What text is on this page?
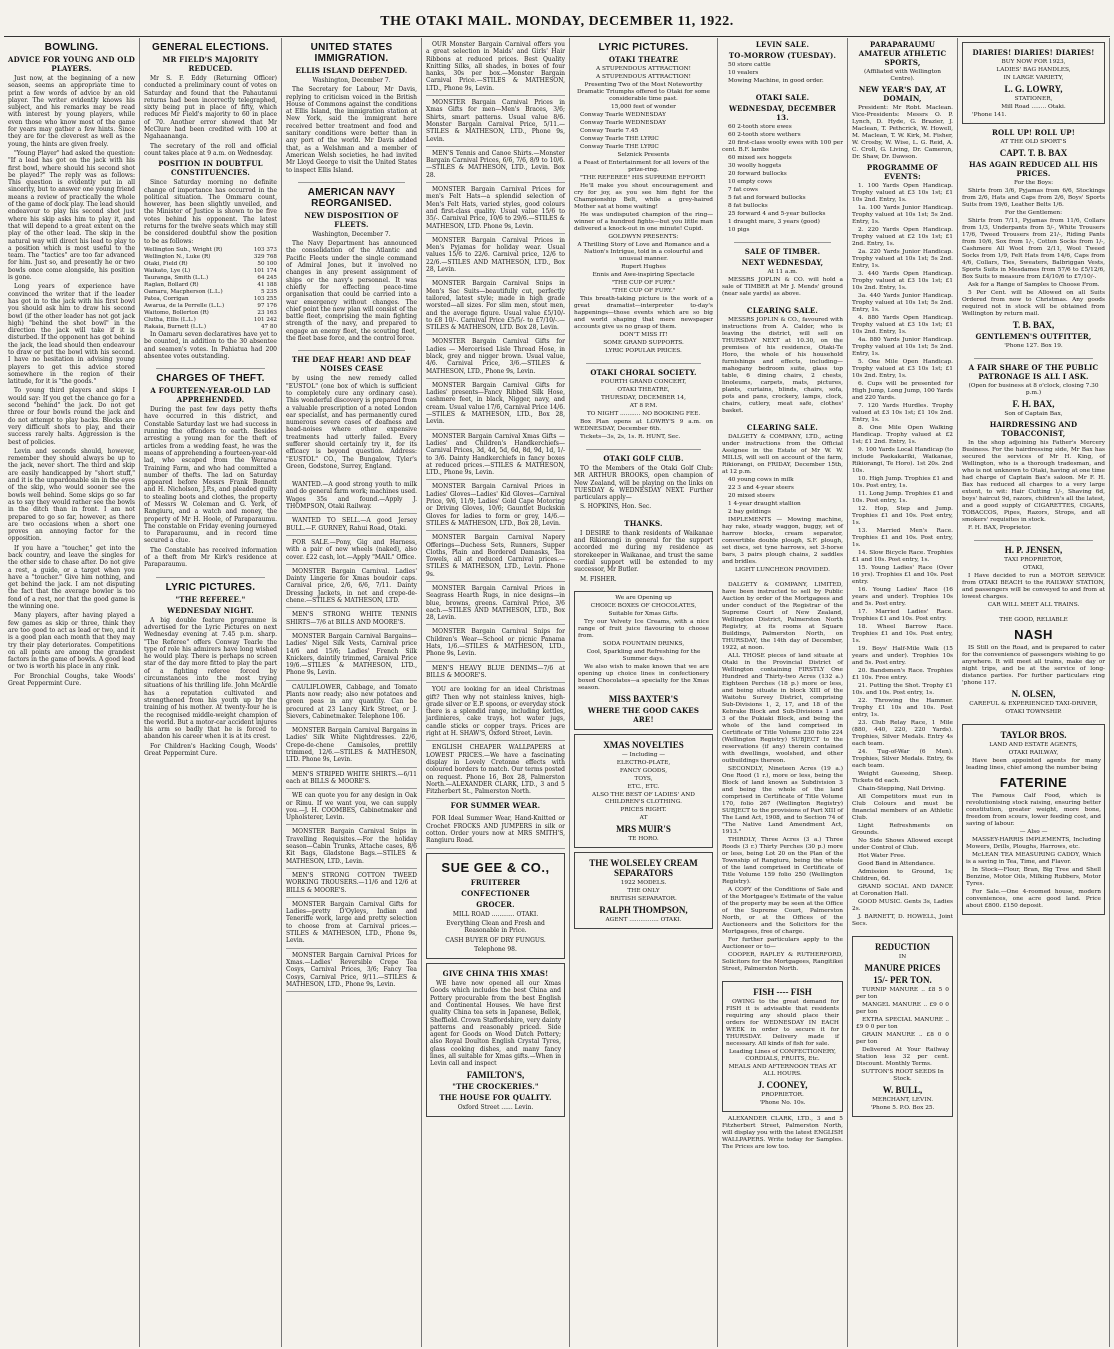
THE OTAKI MAIL. MONDAY, DECEMBER 11, 1922.
BOWLING.
ADVICE FOR YOUNG AND OLD PLAYERS.

Just now, at the beginning of a new season, seems an appropriate time to print a few words of advice by an old player. The writer evidently knows his subject, and his remarks may be read with interest by young players, while even those who know most of the game for years may gather a few hints. Since they are for the cleverest as well as the young, the hints are given freely.

"Young Player" had asked the question: "If a lead has got on the jack with his first bowl, where should his second shot be played?" The reply was as follows: This question is evidently put in all sincerity, but to answer one young friend means a review of practically the whole of the game of dock play. The lead should endeavour to play his second shot just where his skip asks him to play it, and that will depend to a great extent on the play of the other lead. The skip in the natural way will direct his lead to play to a position which is most useful to the team. The "tactics" are too far advanced for him. Just so, and presently he or two bowls once come alongside, his position is gone.

Long years of experience have convinced the writer that if the leader has got in to the jack with his first bowl you should ask him to draw his second bowl (if the other leader has not got jack high) "behind the shot bowl" in the direction the jack will take if it is disturbed. If the opponent has got behind the jack, the lead should then endeavour to draw or put the bowl with his second. I have no hesitation in advising young players to get this advice stored somewhere in the region of their latitude, for it is "the goods."

To young third players and skips I would say: If you get the chance go for a second "behind" the jack. Do not get three or four bowls round the jack and do not attempt to play backs. Blocks are very difficult shots to play, and their success rarely halts. Aggression is the best of policies.

Levin and seconds should, however, remember they should always be up to the jack, never short. The third and skip are easily handicapped by "short stuff," and it is the unpardonable sin in the eyes of the skip, who would sooner see the bowls well behind. Some skips go so far as to say they would rather see the bowls in the ditch than in front. I am not prepared to go so far, however, as there are two occasions when a short one proves an annoying factor for the opposition.

If you have a "toucher," get into the back country, and leave the singles for the other side to chase after. Do not give a rest, a guide, or a target when you have a "toucher." Give him nothing, and get behind the jack. I am not disputing the fact that the average bowler is too fond of a rest, nor that the good game is the winning one.

Many players, after having played a few games as skip or three, think they are too good to act as lead or two, and it is a good plan each month that they may try their play deteriorates. Competitions on all points are among the grandest factors in the game of bowls. A good lead or two is worth his place in any rink.

For Bronchial Coughs, take Woods' Great Peppermint Cure.

GENERAL ELECTIONS.
MR FIELD'S MAJORITY REDUCED.

Mr S. F. Eddy (Returning Officer) conducted a preliminary count of votes on Saturday and found that the Pahautanui returns had been incorrectly telegraphed, sixty being put in place of fifty, which reduces Mr Field's majority to 60 in place of 70. Another error showed that Mr McClure had been credited with 100 at Ngahaananga.

The secretary of the roll and official count takes place at 9 a.m. on Wednesday.

POSITION IN DOUBTFUL CONSTITUENCIES.

Since Saturday morning no definite change of importance has occurred in the political situation. The Ommaru count, however, has been slightly unveiled, and the Minister of Justice is shown to be five votes behind his opponent. The latest returns for the twelve seats which may still be considered doubtful show the position to be as follows:

Wellington Sub., Wright (R)	103 373
Wellington N., Luke (R)	329 768
Otaki, Field (R)	50 100
Waikato, Lye (L)	101 174
Tauranga, Smith (L.L.)	64 245
Raglan, Bollard (R)	41 188
Oamaru, Macpherson (L.L.)	5 235
Patea, Corrigan	103 255
Awarua, de la Perrelle (L.L.)	97 176
Waitomo, Bollerton (R)	23 163
Clutha, Ellis (L.L.)	101 242
Rakaia, Burnett (L.L.)	47 80

In Oamaru seven declaratives have yet to be counted, in addition to the 30 absentee and seamen's votes. In Pahiatua had 200 absentee votes outstanding.

CHARGES OF THEFT.
A FOURTEEN-YEAR-OLD LAD APPREHENDED.

During the past few days petty thefts have occurred in this district, and Constable Saturday last we had success in running the offenders to earth. Besides arresting a young man for the theft of articles from a wedding feast, he was the means of apprehending a fourteen-year-old lad, who escaped from the Weraroa Training Farm, and who had committed a number of thefts. The lad on Saturday appeared before Messrs Frank Bennett and H. Nicholson, J.P.s, and pleaded guilty to stealing boots and clothes, the property of Messrs W. Coleman and G. Yerk, of Rangiuru, and a watch and money, the property of Mr H. Hoole, of Paraparaumu. The constable on Friday evening journeyed to Paraparaumu, and in record time secured a clue.

The Constable has received information of a theft from Mr Kirk's residence at Paraparaumu.

LYRIC PICTURES.
"THE REFEREE."
WEDNESDAY NIGHT.

A big double feature programme is advertised for the Lyric Pictures on next Wednesday evening at 7.45 p.m. sharp. "The Referee" offers Conway Tearle the type of role his admirers have long wished he would play. There is perhaps no screen star of the day more fitted to play the part of a fighting referee forced by circumstances into the most trying situations of his thrilling life. John McArdle has a reputation cultivated and strengthened from his youth up by the training of his mother. At twenty-four he is the recognised middle-weight champion of the world. But a motor-car accident injures his arm so badly that he is forced to abandon his career when it is at its crest.

For Children's Hacking Cough, Woods' Great Peppermint Cure.

UNITED STATES IMMIGRATION.
ELLIS ISLAND DEFENDED.

Washington, December 7.

The Secretary for Labour, Mr Davis, replying to criticism voiced in the British House of Commons against the conditions at Ellis Island, the immigration station at New York, said the immigrant here received better treatment and food and sanitary conditions were better than in any port of the world. Mr Davis added that, as a Welshman and a member of American Welsh societies, he had invited Mr Lloyd George to visit the United States to inspect Ellis Island.

AMERICAN NAVY REORGANISED.
NEW DISPOSITION OF FLEETS.

Washington, December 7.

The Navy Department has announced the consolidation of the Atlantic and Pacific Fleets under the single command of Admiral Jones, but it involved no changes in any present assignment of ships or the navy's personnel. It was chiefly for effecting peace-time organisation that could be carried into a war emergency without changes. The chief point the new plan will consist of the battle fleet, comprising the main fighting strength of the navy, and prepared to engage an enemy fleet, the scouting fleet, the fleet base force, and the control force.

THE DEAF HEAR! AND DEAF NOISES CEASE

by using the new remedy called "EUSTOL" (one box of which is sufficient to completely cure any ordinary case). This wonderful discovery is prepared from a valuable prescription of a noted London ear specialist, and has permanently cured numerous severe cases of deafness and head-noises where other expensive treatments had utterly failed. Every sufferer should certainly try it, for its efficacy is beyond question. Address: "EUSTOL" CO., The Bungalow, Tyler's Green, Godstone, Surrey, England.

WANTED.—A good strong youth to milk and do general farm work; machines used. Wages 35s and found.—Apply J. THOMPSON, Otaki Railway.

WANTED TO SELL.—A good Jersey BULL.—F. GURNEY, Rahui Road, Otaki.

FOR SALE.—Pony, Gig and Harness, with a pair of new wheels (naked), also cover. £22 cash, lot.—Apply "MAIL" Office.

MONSTER Bargain Carnival. Ladies' Dainty Lingerie for Xmas boudoir caps. Carnival price, 2/6, 6/6, 7/11. Dainty Dressing Jackets, in net and crepe-de-chene.—STILES & MATHESON, LTD.

MEN'S STRONG WHITE TENNIS SHIRTS—7/6 at BILLS AND MOORE'S.

MONSTER Bargain Carnival Bargains—Ladies' Nigel Silk Vests, Carnival price 14/6 and 15/6; Ladies' French Silk Knickers, daintily trimmed, Carnival Price 19/6.—STILES & MATHESON, LTD., Phone 9s, Levin.

CAULIFLOWER, Cabbage, and Tomato Plants now ready; also new potatoes and green peas in any quantity. Can be procured at 23 Lancy Kirk Street, or J. Sievers, Cabinetmaker. Telephone 106.

MONSTER Bargain Carnival Bargains in Ladies' Silk White Nightdresses. 22/6, Crepe-de-chene Camisoles, prettily trimmed, 12/6.—STILES & MATHESON, LTD. Phone 9s, Levin.

MEN'S STRIPED WHITE SHIRTS.—6/11 each at BILLS & MOORE'S.

WE can quote you for any design in Oak or Rimu. If we want you, we can supply you.—J. H. COOMBES, Cabinetmaker and Upholsterer, Levin.

MONSTER Bargain Carnival Snips in Travelling Requisites.—For the holiday season—Cabin Trunks, Attache cases, 8/6 Kit Bags, Gladstone Bags.—STILES & MATHESON, LTD., Levin.

MEN'S STRONG COTTON TWEED WORKING TROUSERS.—11/6 and 12/6 at BILLS & MOORE'S.

MONSTER Bargain Carnival Gifts for Ladies—pretty D'Oyleys, Indian and Teneriffe work, large and pretty selection to choose from at Carnival prices.—STILES & MATHESON, LTD., Phone 9s, Levin.

MONSTER Bargain Carnival Prices for Xmas.—Ladies' Reversible Crepe Tea Cosys, Carnival Prices, 3/6; Fancy Tea Cosys, Carnival Price, 9/11.—STILES & MATHESON, LTD., Phone 9s, Levin.

OUR Monster Bargain Carnival offers you a great selection in Maids' and Girls' Hair Ribbons at reduced prices. Best Quality Knitting Silks, all shades, in boxes of four hanks, 30s per box.—Monster Bargain Carnival Price.—STILES & MATHESON, LTD., Phone 9s, Levin.

MONSTER Bargain Carnival Prices in Xmas Gifts for men—Men's Braces, 3/6; Shirts, smart patterns. Usual value 8/6. Monster Bargain Carnival Price, 5/11.—STILES & MATHESON, LTD., Phone 9s, Levin.

MEN'S Tennis and Canoe Shirts.—Monster Bargain Carnival Prices, 6/6, 7/6, 8/9 to 10/6.—STILES & MATHESON, LTD., Levin. Box 28.

MONSTER Bargain Carnival Prices for men's Felt Hats—a splendid selection of Men's Felt Hats, varied styles, good colours and first-class quality. Usual value 15/6 to 35/-. Carnival Price, 10/6 to 29/6.—STILES & MATHESON, LTD. Phone 9s, Levin.

MONSTER Bargain Carnival Prices in Men's Pyjamas for holiday wear. Usual values 15/6 to 22/6. Carnival price, 12/6 to 22/6.—STILES AND MATHESON, LTD., Box 28, Levin.

MONSTER Bargain Carnival Snips in Men's Sac Suits—beautifully cut, perfectly tailored, latest style; made in high grade worsted—all sizes. For slim men, stout men, and the average figure. Usual value £5/10/- to £8 10/-. Carnival Price £5/5/- to £7/10/-.—STILES & MATHESON, LTD. Box 28, Levin.

MONSTER Bargain Carnival Gifts for Ladies — Mercerised Lisle Thread Hose, in black, grey and nigger brown. Usual value, 4/6. Carnival Price, 3/6.—STILES & MATHESON, LTD., Phone 9s, Levin.

MONSTER Bargain Carnival Gifts for Ladies' presents—Fancy Ribbed Silk Hose, cashmere feet, in black, Nigger, navy, and cream. Usual value 17/6, Carnival Price 14/6.—STILES & MATHESON, LTD., Box 28, Levin.

MONSTER Bargain Carnival Xmas Gifts — Ladies' and Children's Handkerchiefs—Carnival Prices, 3d, 4d, 5d, 6d, 8d, 9d, 1d, 1/- to 3/6. Dainty Handkerchiefs in fancy boxes at reduced prices.—STILES & MATHESON, LTD., Phone 9s, Levin.

MONSTER Bargain Carnival Prices in Ladies' Gloves—Ladies' Kid Gloves—Carnival Price, 9/6, 11/9; Ladies' Gold Cape Motoring or Driving Gloves, 10/6; Gauntlet Buckskin Gloves for ladies to form or grey, 14/6.—STILES & MATHESON, LTD., Box 28, Levin.

MONSTER Bargain Carnival Napery Offerings—Duchess Sets, Runners, Supper Cloths, Plain and Bordered Damasks, Tea Towels, all at reduced Carnival prices.—STILES & MATHESON, LTD., Levin. Phone 9s.

MONSTER Bargain Carnival Prices in Seagrass Hearth Rugs, in nice designs—in blue, browns, greens. Carnival Price, 3/6 each.—STILES AND MATHESON, LTD., Box 28, Levin.

MONSTER Bargain Carnival Snips for Children's Wear—School or picnic Panama Hats, 1/6.—STILES & MATHESON, LTD., Phone 9s, Levin.

MEN'S HEAVY BLUE DENIMS—7/6 at BILLS & MOORE'S.

YOU are looking for an ideal Christmas gift? Then why not stainless knives, high-grade silver or E.P. spoons, or everyday stock there is a splendid range, including kettles, jardinieres, cake trays, hot water jugs, candle sticks or copper trays. Prices are right at H. SHAW'S, Oxford Street, Levin.

ENGLISH CHEAPER WALLPAPERS at LOWEST PRICES.—We have a fascinating display in Lovely Cretonne effects with coloured borders to match. Our terms posted on request. Phone 16, Box 28, Palmerston North.—ALEXANDER CLARK, LTD., 3 and 5 Fitzherbert St., Palmerston North.

FOR SUMMER WEAR.

FOR Ideal Summer Wear, Hand-Knitted or Crochet FROCKS AND JUMPERS in silk or cotton. Order yours now at MRS SMITH'S, Rangiuru Road.

SUE GEE & CO.,
FRUITERER
CONFECTIONER
GROCER.

MILL ROAD ............ OTAKI.

Everything Clean and Fresh and Reasonable in Price.

CASH BUYER OF DRY FUNGUS.

Telephone 98.

GIVE CHINA THIS XMAS!

WE have now opened all our Xmas Goods which includes the best China and Pottery procurable from the best English and Continental Houses. We have first quality China tea sets in Japanese, Bellek, Sheffield. Crown Staffordshire, very dainty patterns and reasonably priced. Side agent for Goods on Wood Dutch Pottery; also Royal Doulton English Crystal Tyres, glass cooking dishes, and many fancy lines, all suitable for Xmas gifts.—When in Levin call and inspect

FAMILTON'S,
"THE CROCKERIES."
THE HOUSE FOR QUALITY.

Oxford Street ...... Levin.

LYRIC PICTURES.
OTAKI THEATRE

A STUPENDOUS ATTRACTION!

A STUPENDOUS ATTRACTION!

Presenting Two of the Most Noteworthy Dramatic Triumphs offered to Otaki for some considerable time past.

15,000 feet of wonder

Conway Tearle WEDNESDAY

Conway Tearle WEDNESDAY

Conway Tearle 7.45

Conway Tearle THE LYRIC

Conway Tearle THE LYRIC

Selznick Presents

a Feast of Entertainment for all lovers of the prize-ring.

"THE REFEREE" HIS SUPREME EFFORT!

He'll make you shout encouragement and cry for joy, as you see him fight for the Championship Belt, while a grey-haired Mother sat at home waiting!

He was undisputed champion of the ring—winner of a hundred fights—but you little man delivered a knock-out in one minute! Cupid.

GOLDWYN PRESENTS:

A Thrilling Story of Love and Romance and a Nation's Intrigue, told in a colourful and unusual manner.

Rupert Hughes

Ennis and Awe-inspiring Spectacle

"THE CUP OF FURY."

"THE CUP OF FURY."

This breath-taking picture is the work of a great dramatist—interpreter to-day's happenings—those events which are so big and world shaping that mere newspaper accounts give us no grasp of them.

DON'T MISS IT!

SOME GRAND SUPPORTS.

LYRIC POPULAR PRICES.

OTAKI CHORAL SOCIETY.

FOURTH GRAND CONCERT,

OTAKI THEATRE,

THURSDAY, DECEMBER 14,

AT 8 P.M.

TO NIGHT ........... NO BOOKING FEE.

Box Plan opens at LOWRY'S 9 a.m. on WEDNESDAY, December 6th.

Tickets—3s, 2s, 1s. R. HUNT, Sec.

OTAKI GOLF CLUB.

TO the Members of the Otaki Golf Club: MR ARTHUR BROOKS, open champion of New Zealand, will be playing on the links on TUESDAY & WEDNESDAY NEXT. Further particulars apply—

S. HOPKINS, Hon. Sec.

THANKS.

I DESIRE to thank residents of Waikanae and Rikiorangi in general for the support accorded me during my residence as storekeeper in Waikanae, and trust the same cordial support will be extended to my successor, Mr Butler.

M. FISHER.

We are Opening up

CHOICE BOXES OF CHOCOLATES,

Suitable for Xmas Gifts.

Try our Velvety Ice Creams, with a nice range of fruit juice flavouring to choose from.

SODA FOUNTAIN DRINKS,

Cool, Sparkling and Refreshing for the Summer days.

We also wish to make known that we are opening up choice lines in confectionery boxed Chocolates—a specialty for the Xmas season.

MISS BAXTER'S
WHERE THE GOOD CAKES ARE!
XMAS NOVELTIES

— Including —

ELECTRO-PLATE,

FANCY GOODS,

TOYS,

ETC., ETC.

ALSO THE BEST OF LADIES' AND CHILDREN'S CLOTHING.

PRICES RIGHT.

AT

MRS MUIR'S

TE HORO.

THE WOLSELEY CREAM SEPARATORS

1922 MODELS.

THE ONLY

BRITISH SEPARATOR.

RALPH THOMPSON,

AGENT ................ OTAKI.

LEVIN SALE.
TO-MORROW (TUESDAY).

50 store cattle

10 vealers

Mowing Machine, in good order.

OTAKI SALE.
WEDNESDAY, DECEMBER 13.

60 2-tooth store ewes

60 2-tooth store wethers

20 first-class woolly ewes with 100 per cent. B.F. lambs

60 mixed sex hoggets

30 woolly hoggets

20 forward bullocks

10 empty cows

7 fat cows

5 fat and forward bullocks

8 fat bullocks

25 forward 4 and 5-year bullocks

1 draught mare, 3 years (good)

10 pigs

SALE OF TIMBER.
NEXT WEDNESDAY,

At 11 a.m.

MESSRS JOPLIN & CO. will hold a sale of TIMBER at Mr J. Mends' ground (near sale yards) as above.

CLEARING SALE.

MESSRS JOPLIN & CO., favoured with instructions from A. Calder, who is leaving the district, will sell on THURSDAY NEXT at 10.30, on the premises of his residence, Otaki-Te Horo, the whole of his household furnishings and effects, including—mahogany bedroom suite, glass top table, 6 dining chairs, 2 chests, linoleums, carpets, mats, pictures, plants, curtains, blinds, chairs, sofa, pots and pans, crockery, lamps, clock, chairs, cutlery, meat safe, clothes' basket.

CLEARING SALE.

DALGETY & COMPANY, LTD., acting under instructions from the Official Assignee in the Estate of Mr W. W. MILLS, will sell on account of the farm, Rikiorangi, on FRIDAY, December 15th, at 12 p.m.

40 young cows in milk

22 3 and 4-year steers

20 mixed steers

1 4-year draught stallion

2 bay geldings

IMPLEMENTS — Mowing machine, hay rake, steady waggon, buggy, set of harrow blocks, cream separator, convertible double plough, S.F. plough, set discs, set tyne harrows, set 3-horse bars, 3 pairs plough chains, 2 saddles and bridles.

LIGHT LUNCHEON PROVIDED.

DALGETY & COMPANY, LIMITED, have been instructed to sell by Public Auction by order of the Mortgagees and under conduct of the Registrar of the Supreme Court of New Zealand, Wellington District, Palmerston North Registry, at its rooms at Square Buildings, Palmerston North, on THURSDAY, the 14th day of December, 1922, at noon.

ALL THOSE pieces of land situate at Otaki in the Provincial District of Wellington containing FIRSTLY One Hundred and Thirty-two Acres (132 a.) Eighteen Perches (18 p.) more or less, and being situate in block XIII of the Waitohu Survey District, comprising Sub-Divisions 1, 2, 17, and 18 of the Kebrake Block and Sub-Divisions 1 and 3 of the Pukiaki Block, and being the whole of the land comprised in Certificate of Title Volume 230 folio 224 (Wellington Registry) SUBJECT to the reservations (if any) therein contained with dwellings, woolshed, and other outbuildings thereon.

SECONDLY, Nineteen Acres (19 a.) One Rood (1 r.), more or less, being the Block of land known as Subdivision 3 and being the whole of the land comprised in Certificate of Title Volume 170, folio 267 (Wellington Registry) SUBJECT to the provisions of Part XIII of The Land Act, 1908, and to Section 74 of "The Native Land Amendment Act, 1913."

THIRDLY, Three Acres (3 a.) Three Roods (3 r.) Thirty Perches (30 p.) more or less, being Lot 20 on the Plan of the Township of Rangiuru, being the whole of the land comprised in Certificate of Title Volume 159 folio 250 (Wellington Registry).

A COPY of the Conditions of Sale and of the Mortgagee's Estimate of the value of the property may be seen at the Office of the Supreme Court, Palmerston North, or at the Offices of the Auctioneers and the Solicitors for the Mortgagees, free of charge.

For further particulars apply to the Auctioneer or to—

COOPER, RAPLEY & RUTHERFORD, Solicitors for the Mortgagees, Rangitikei Street, Palmerston North.

FISH ---- FISH

OWING to the great demand for FISH it is advisable that residents requiring any should place their orders for WEDNESDAY IN EACH WEEK in order to secure it for THURSDAY. Delivery made if necessary. All kinds of fish for sale.

Leading Lines of CONFECTIONERY, CORDIALS, FRUITS, Etc.

MEALS AND AFTERNOON TEAS AT ALL HOURS.

J. COONEY,

PROPRIETOR.

'Phone No. 10s.

ALEXANDER CLARK, LTD., 3 and 5 Fitzherbert Street, Palmerston North, will display you with the latest ENGLISH WALLPAPERS. Write today for Samples. The Prices are low too.

PARAPARAUMU AMATEUR ATHLETIC SPORTS,

(Affiliated with Wellington Centre).

NEW YEAR'S DAY, AT DOMAIN,

President: Mr Robt. Maclean. Vice-Presidents: Messrs O. P. Lynch, D. Hyde, G. Brazier, J. Maclean, T. Pethcrick, W. Howell, M. Maclean, T. W. Kirk, M. Fisher, W. Crosby, W. Wise, L. G. Reid, A. C. Croll, G. Living, Dr. Cameron, Dr. Shaw, Dr. Dawson.

PROGRAMME OF EVENTS:

1. 100 Yards Open Handicap. Trophy valued at £3 10s 1st; £1 10s 2nd. Entry, 1s.

1a. 100 Yards Junior Handicap. Trophy valued at 10s 1st; 5s 2nd. Entry, 1s.

2. 220 Yards Open Handicap. Trophy valued at £2 10s 1st; £1 2nd. Entry, 1s.

2a. 220 Yards Junior Handicap. Trophy valued at 10s 1st; 5s 2nd. Entry, 1s.

3. 440 Yards Open Handicap. Trophy valued at £3 10s 1st; £1 10s 2nd. Entry, 1s.

3a. 440 Yards Junior Handicap. Trophy valued at 10s 1st; 5s 2nd. Entry, 1s.

4. 880 Yards Open Handicap. Trophy valued at £3 10s 1st; £1 10s 2nd. Entry, 1s.

4a. 880 Yards Junior Handicap. Trophy valued at 10s 1st; 5s 2nd. Entry, 1s.

5. One Mile Open Handicap. Trophy valued at £3 10s 1st; £1 10s 2nd. Entry, 1s.

6. Cups will be presented for High Jump, Long Jump, 100 Yards and 220 Yards.

7. 120 Yards Hurdles. Trophy valued at £3 10s 1st; £1 10s 2nd. Entry, 1s.

8. One Mile Open Walking Handicap. Trophy valued at £2 1st; £1 2nd. Entry, 1s.

9. 100 Yards Local Handicap (to include Paekakariki, Waikanae, Rikiorangi, Te Horo). 1st 20s. 2nd 10s.

10. High Jump. Trophies £1 and 10s. Post entry, 1s.

11. Long Jump. Trophies £1 and 10s. Post entry, 1s.

12. Hop, Step and Jump. Trophies £1 and 10s. Post entry, 1s.

13. Married Men's Race. Trophies £1 and 10s. Post entry, 1s.

14. Slow Bicycle Race. Trophies £1 and 10s. Post entry, 1s.

15. Young Ladies' Race (Over 16 yrs). Trophies £1 and 10s. Post entry.

16. Young Ladies' Race (16 years and under). Trophies 10s and 5s. Post entry.

17. Married Ladies' Race. Trophies £1 and 10s. Post entry.

18. Wheel Barrow Race. Trophies £1 and 10s. Post entry, 1s.

19. Boys' Half-Mile Walk (15 years and under). Trophies 10s and 5s. Post entry.

20. Bandsmen's Race. Trophies £1 10s. Free entry.

21. Putting the Shot. Trophy £1 10s. and 10s. Post entry, 1s.

22. Throwing the Hammer. Trophy £1 10s and 10s. Post entry, 1s.

23. Club Relay Race, 1 Mile (880, 440, 220, 220 Yards). Trophies, Silver Medals. Entry 4s each team.

24. Tug-of-War (6 Men). Trophies, Silver Medals. Entry, 6s each team.

Weight Guessing, Sheep. Tickets 6d each.

Chain-Stepping, Nail Driving.

All Competitors must run in Club Colours and must be financial members of an Athletic Club.

Light Refreshments on Grounds.

No Side Shows Allowed except under Control of Club.

Hot Water Free.

Good Band in Attendance.

Admission to Ground, 1s; Children, 6d.

GRAND SOCIAL AND DANCE at Coronation Hall.

GOOD MUSIC. Gents 3s, Ladies 2s.

J. BARNETT, D. HOWELL, Joint Secs.

REDUCTION

IN

MANURE PRICES
15/- PER TON.

TURNIP MANURE .. £8 5 0 per ton

MANGEL MANURE .. £9 0 0 per ton

EXTRA SPECIAL MANURE .. £9 0 0 per ton

GRAIN MANURE .. £8 0 0 per ton

Delivered At Your Railway Station less 32 per cent. Discount. Monthly Terms.

SUTTON'S ROOT SEEDS In Stock.

W. BULL,

MERCHANT, LEVIN.

'Phone 5. P.O. Box 25.

DIARIES! DIARIES! DIARIES!

BUY NOW FOR 1923,

LADIES' BAG HANDLES,

IN LARGE VARIETY,

L. G. LOWRY,

STATIONER,

Mill Road ........ Otaki.

'Phone 141.

ROLL UP! ROLL UP!

AT THE OLD SPORT'S

CAPT. T. B. BAX
HAS AGAIN REDUCED ALL HIS PRICES.

For the Boys:

Shirts from 3/6, Pyjamas from 6/6, Stockings from 2/6, Hats and Caps from 2/6, Boys' Sports Suits from 19/6, Leather Belts 1/6.

For the Gentlemen:

Shirts from 7/11, Pyjamas from 11/6, Collars from 1/3, Underpants from 5/-, White Trousers 17/6, Tweed Trousers from 21/-, Riding Pants from 10/6, Sox from 1/-, Cotton Socks from 1/-, Cashmere All Wool from 2/11, Wool Tweed Socks from 1/9, Felt Hats from 14/6, Caps from 4/6, Collars, Ties, Sweaters, Balbriggan Vests, Sports Suits in Mesdames from 57/6 to £5/12/6, Box Suits to measure from £4/10/6 to £7/10/-.

Ask for a Range of Samples to Choose From.

5 Per Cent. will be Allowed on all Suits Ordered from now to Christmas. Any goods required not in stock will be obtained from Wellington by return mail.

T. B. BAX,
GENTLEMEN'S OUTFITTER,

'Phone 127. Box 19.

A FAIR SHARE OF THE PUBLIC PATRONAGE IS ALL I ASK.

(Open for business at 8 o'clock, closing 7.30 p.m.)

F. H. BAX,

Son of Captain Bax,

HAIRDRESSING AND TOBACCONIST,

In the shop adjoining his Father's Mercery Business. For the hairdressing side, Mr Bax has secured the services of Mr H. King, of Wellington, who is a thorough tradesman, and who is not unknown to Otaki, having at one time had charge of Captain Bax's saloon. Mr F. H. Bax has reduced all charges to a very large extent, to wit: Hair Cutting 1/-, Shaving 6d, boys' haircut 9d, razors, children's all the latest, and a good supply of CIGARETTES, CIGARS, TOBACCOS, Pipes, Razors, Strops, and all smokers' requisites in stock.

F. H. BAX, Proprietor.

H. P. JENSEN,

TAXI PROPRIETOR,

OTAKI,

I Have decided to run a MOTOR SERVICE from OTAKI BEACH to the RAILWAY STATION, and passengers will be conveyed to and from at lowest charges.

CAR WILL MEET ALL TRAINS.

THE GOOD, RELIABLE

NASH

IS Still on the Road, and is prepared to cater for the convenience of passengers wishing to go anywhere. It will meet all trains, make day or night trips, and be at the service of long-distance parties. For further particulars ring 'phone 117.

N. OLSEN,

CAREFUL & EXPERIENCED TAXI-DRIVER,

OTAKI TOWNSHIP.

TAYLOR BROS.

LAND AND ESTATE AGENTS,

OTAKI RAILWAY,

Have been appointed agents for many leading lines, chief among the number being

FATERINE

The Famous Calf Food, which is revolutionising stock raising, ensuring better constitution, greater weight, more bone, freedom from scours, lower feeding cost, and saving of labour.

— Also —

MASSEY-HARRIS IMPLEMENTS, Including Mowers, Drills, Ploughs, Harrows, etc.

McLEAN TEA MEASURING CADDY, Which is a saving in Tea, Time, and Flavor.

In Stock—Flour, Bran, Big Tree and Shell Benzine, Motor Oils, Milking Rubbers, Motor Tyres.

For Sale.—One 4-roomed house, modern conveniences, one acre good land. Price about £800. £150 deposit.
